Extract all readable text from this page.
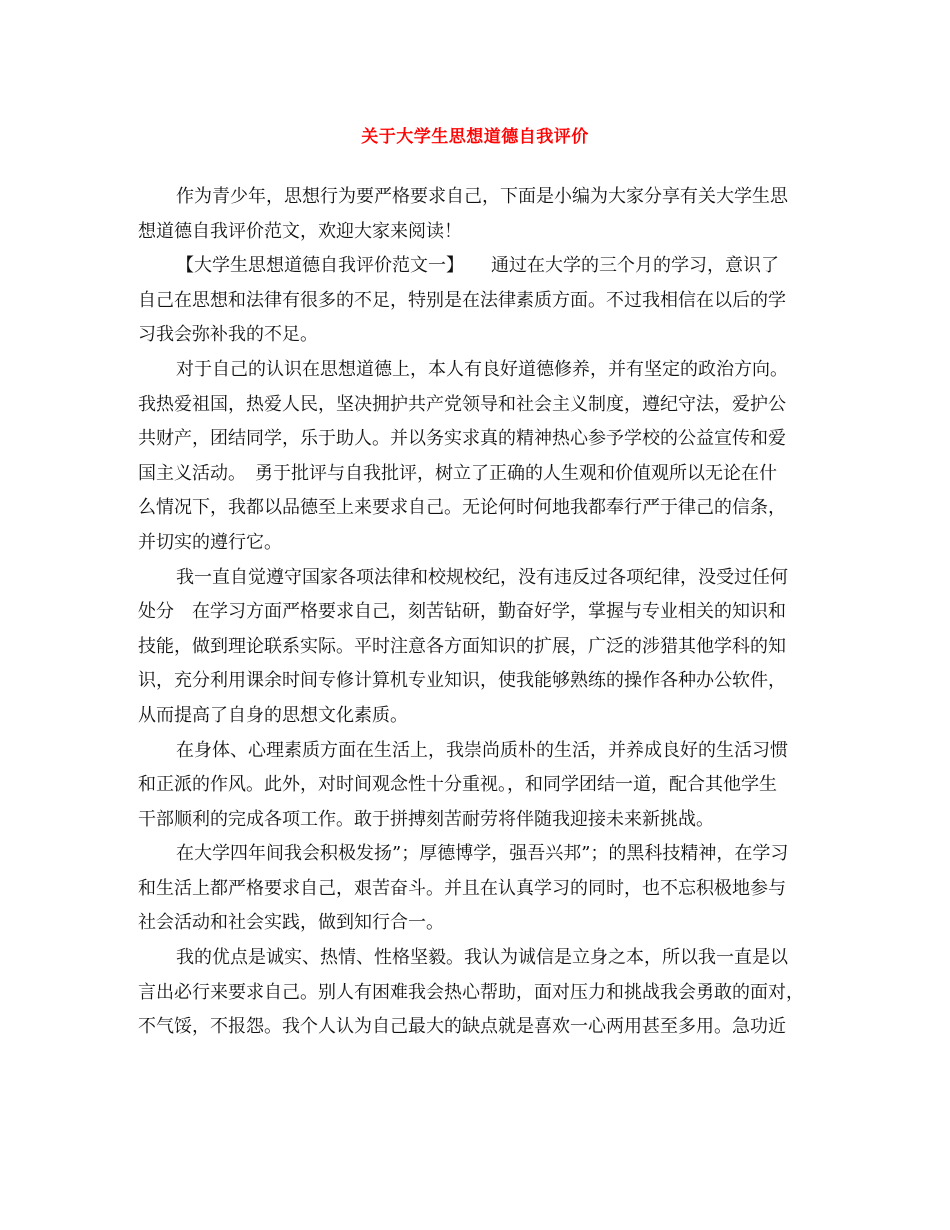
关于大学生思想道德自我评价
作为青少年，思想行为要严格要求自己，下面是小编为大家分享有关大学生思
想道德自我评价范文，欢迎大家来阅读！
【大学生思想道德自我评价范文一】　　通过在大学的三个月的学习，意识了
自己在思想和法律有很多的不足，特别是在法律素质方面。不过我相信在以后的学
习我会弥补我的不足。
对于自己的认识在思想道德上，本人有良好道德修养，并有坚定的政治方向。
我热爱祖国，热爱人民，坚决拥护共产党领导和社会主义制度，遵纪守法，爱护公
共财产，团结同学，乐于助人。并以务实求真的精神热心参予学校的公益宣传和爱
国主义活动。　勇于批评与自我批评，树立了正确的人生观和价值观所以无论在什
么情况下，我都以品德至上来要求自己。无论何时何地我都奉行严于律己的信条，
并切实的遵行它。
我一直自觉遵守国家各项法律和校规校纪，没有违反过各项纪律，没受过任何
处分　在学习方面严格要求自己，刻苦钻研，勤奋好学，掌握与专业相关的知识和
技能，做到理论联系实际。平时注意各方面知识的扩展，广泛的涉猎其他学科的知
识，充分利用课余时间专修计算机专业知识，使我能够熟练的操作各种办公软件，
从而提高了自身的思想文化素质。
在身体、心理素质方面在生活上，我崇尚质朴的生活，并养成良好的生活习惯
和正派的作风。此外，对时间观念性十分重视。，和同学团结一道，配合其他学生
干部顺利的完成各项工作。敢于拼搏刻苦耐劳将伴随我迎接未来新挑战。
在大学四年间我会积极发扬”；厚德博学，强吾兴邦”；的黑科技精神，在学习
和生活上都严格要求自己，艰苦奋斗。并且在认真学习的同时，也不忘积极地参与
社会活动和社会实践，做到知行合一。
我的优点是诚实、热情、性格坚毅。我认为诚信是立身之本，所以我一直是以
言出必行来要求自己。别人有困难我会热心帮助，面对压力和挑战我会勇敢的面对，
不气馁，不报怨。我个人认为自己最大的缺点就是喜欢一心两用甚至多用。急功近
